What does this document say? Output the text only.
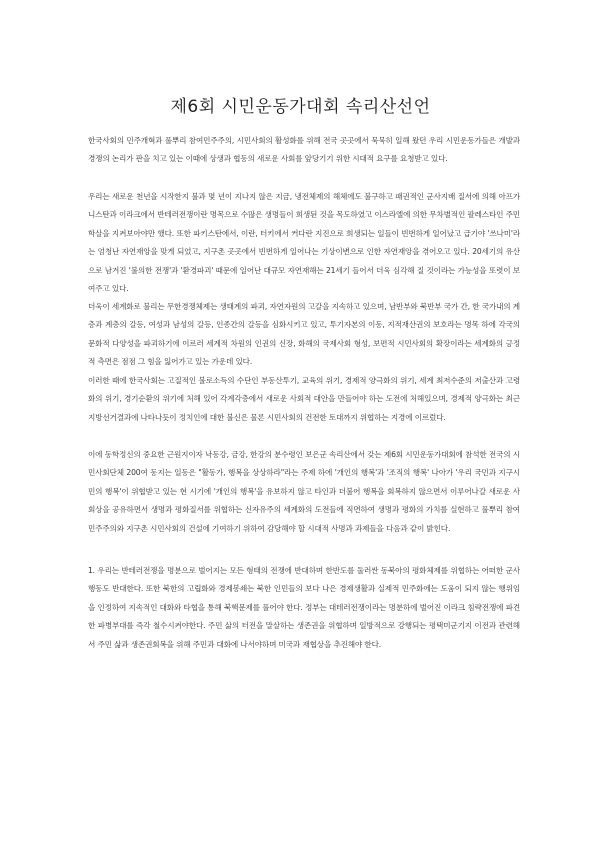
제6회 시민운동가대회 속리산선언

한국사회의 민주개혁과 풀뿌리 참여민주주의, 시민사회의 활성화를 위해 전국 곳곳에서 묵묵히 일해 왔던 우리 시민운동가들은 개발과 경쟁의 논리가 판을 치고 있는 이때에 상생과 협동의 새로운 사회를 앞당기기 위한 시대적 요구를 요청받고 있다.

우리는 새로운 천년을 시작한지 불과 몇 년이 지나지 않은 지금, 냉전체제의 해체에도 불구하고 패권적인 군사지배 질서에 의해 아프가니스탄과 이라크에서 반테러전쟁이란 명목으로 수많은 생명들이 희생된 것을 목도하였고 이스라엘에 의한 무차별적인 팔레스타인 주민학살을 지켜보아야만 했다. 또한 파키스탄에서, 이란, 터키에서 커다란 지진으로 희생되는 일들이 빈번하게 일어났고 급기야 '쓰나미'라는 엄청난 자연재앙을 맞게 되었고, 지구촌 곳곳에서 빈번하게 일어나는 기상이변으로 인한 자연재앙을 겪어오고 있다. 20세기의 유산으로 남겨진 '불의한 전쟁'과 '환경파괴' 때문에 일어난 대규모 자연재해는 21세기 들어서 더욱 심각해 질 것이라는 가능성을 또렷이 보여주고 있다.

더욱이 세계화로 불리는 무한경쟁체제는 생태계의 파괴, 자연자원의 고갈을 지속하고 있으며, 남반부와 북반부 국가 간, 한 국가내의 계층과 계층의 갈등, 여성과 남성의 갈등, 인종간의 갈등을 심화시키고 있고, 투기자본의 이동, 지적재산권의 보호라는 명목 하에 각국의 문화적 다양성을 파괴하기에 이르러 세계적 차원의 인권의 신장, 화해의 국제사회 형성, 보편적 시민사회의 확장이라는 세계화의 긍정적 측면은 점점 그 힘을 잃어가고 있는 가운데 있다.

이러한 때에 한국사회는 고질적인 불로소득의 수단인 부동산투기, 교육의 위기, 경제적 양극화의 위기, 세계 최저수준의 저출산과 고령화의 위기, 경기순환의 위기에 처해 있어 각계각층에서 새로운 사회적 대안을 만들어야 하는 도전에 처해있으며, 경제적 양극화는 최근 지방선거결과에 나타나듯이 정치인에 대한 불신은 물론 시민사회의 건전한 토대까지 위협하는 지경에 이르렀다.

이에 동학정신의 중요한 근원지이자 낙동강, 금강, 한강의 분수령인 보은군 속리산에서 갖는 제6회 시민운동가대회에 참석한 전국의 시민사회단체 200여 동지는 일동은 "활동가, 행복을 상상하라"라는 주제 하에 '개인의 행복'과 '조직의 행복' 나아가 '우리 국민과 지구시민의 행복'이 위협받고 있는 현 시기에 '개인의 행복'을 유보하지 않고 타인과 더불어 행복을 회복하지 않으면서 이루어나갈 새로운 사회상을 공유하면서 생명과 평화질서를 위협하는 신자유주의 세계화의 도전들에 직면하여 생명과 평화의 가치를 실현하고 풀뿌리 참여민주주의와 지구촌 시민사회의 건설에 기여하기 위하여 감당해야 할 시대적 사명과 과제들을 다음과 같이 밝힌다.

1. 우리는 반테러전쟁을 명분으로 벌어지는 모든 형태의 전쟁에 반대하며 한반도를 둘러싼 동북아의 평화체제를 위협하는 어떠한 군사행동도 반대한다. 또한 북한의 고립화와 경제봉쇄는 북한 인민들의 보다 나은 경제생활과 실제적 민주화에는 도움이 되지 않는 행위임을 인정하여 지속적인 대화와 타협을 통해 북핵문제를 풀어야 한다. 정부는 대테러전쟁이라는 명분하에 벌어진 이라크 침략전쟁에 파견한 파병부대를 즉각 철수시켜야한다. 주민 삶의 터전을 말살하는 생존권을 위협하며 일방적으로 강행되는 평택미군기지 이전과 관련해서 주민 삶과 생존권회복을 위해 주민과 대화에 나서야하며 미국과 재협상을 추진해야 한다.
